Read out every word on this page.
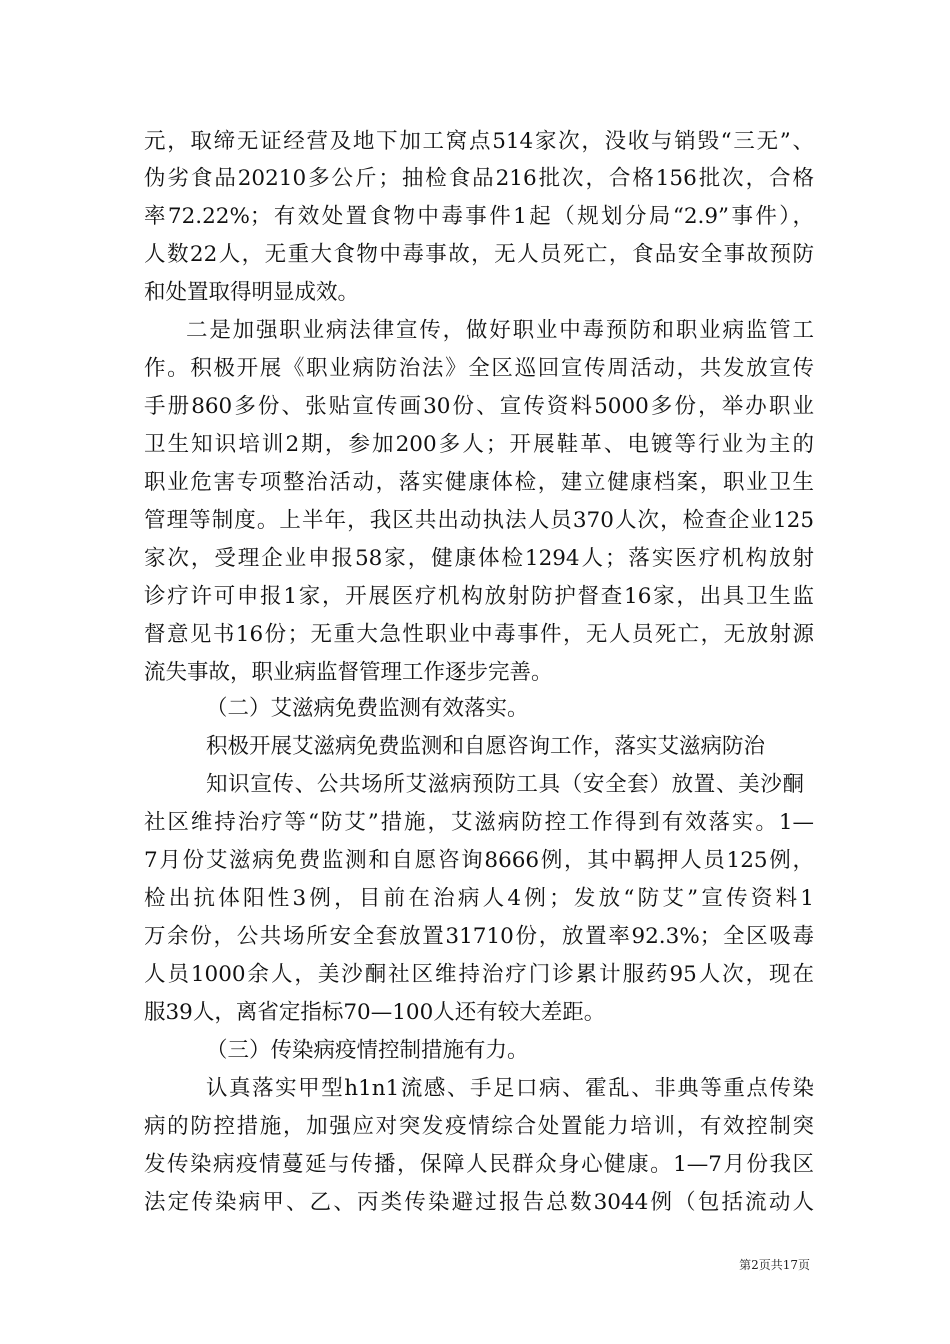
元，取缔无证经营及地下加工窝点514家次，没收与销毁“三无”、
伪劣食品20210多公斤；抽检食品216批次，合格156批次，合格
率72.22%；有效处置食物中毒事件1起（规划分局“2.9”事件），
人数22人，无重大食物中毒事故，无人员死亡，食品安全事故预防
和处置取得明显成效。
二是加强职业病法律宣传，做好职业中毒预防和职业病监管工
作。积极开展《职业病防治法》全区巡回宣传周活动，共发放宣传
手册860多份、张贴宣传画30份、宣传资料5000多份，举办职业
卫生知识培训2期，参加200多人；开展鞋革、电镀等行业为主的
职业危害专项整治活动，落实健康体检，建立健康档案，职业卫生
管理等制度。上半年，我区共出动执法人员370人次，检查企业125
家次，受理企业申报58家，健康体检1294人；落实医疗机构放射
诊疗许可申报1家，开展医疗机构放射防护督查16家，出具卫生监
督意见书16份；无重大急性职业中毒事件，无人员死亡，无放射源
流失事故，职业病监督管理工作逐步完善。
（二）艾滋病免费监测有效落实。
积极开展艾滋病免费监测和自愿咨询工作，落实艾滋病防治
知识宣传、公共场所艾滋病预防工具（安全套）放置、美沙酮
社区维持治疗等“防艾”措施，艾滋病防控工作得到有效落实。1—
7月份艾滋病免费监测和自愿咨询8666例，其中羁押人员125例，
检出抗体阳性3例，目前在治病人4例；发放“防艾”宣传资料1
万余份，公共场所安全套放置31710份，放置率92.3%；全区吸毒
人员1000余人，美沙酮社区维持治疗门诊累计服药95人次，现在
服39人，离省定指标70—100人还有较大差距。
（三）传染病疫情控制措施有力。
认真落实甲型h1n1流感、手足口病、霍乱、非典等重点传染
病的防控措施，加强应对突发疫情综合处置能力培训，有效控制突
发传染病疫情蔓延与传播，保障人民群众身心健康。1—7月份我区
法定传染病甲、乙、丙类传染避过报告总数3044例（包括流动人
第2页共17页
